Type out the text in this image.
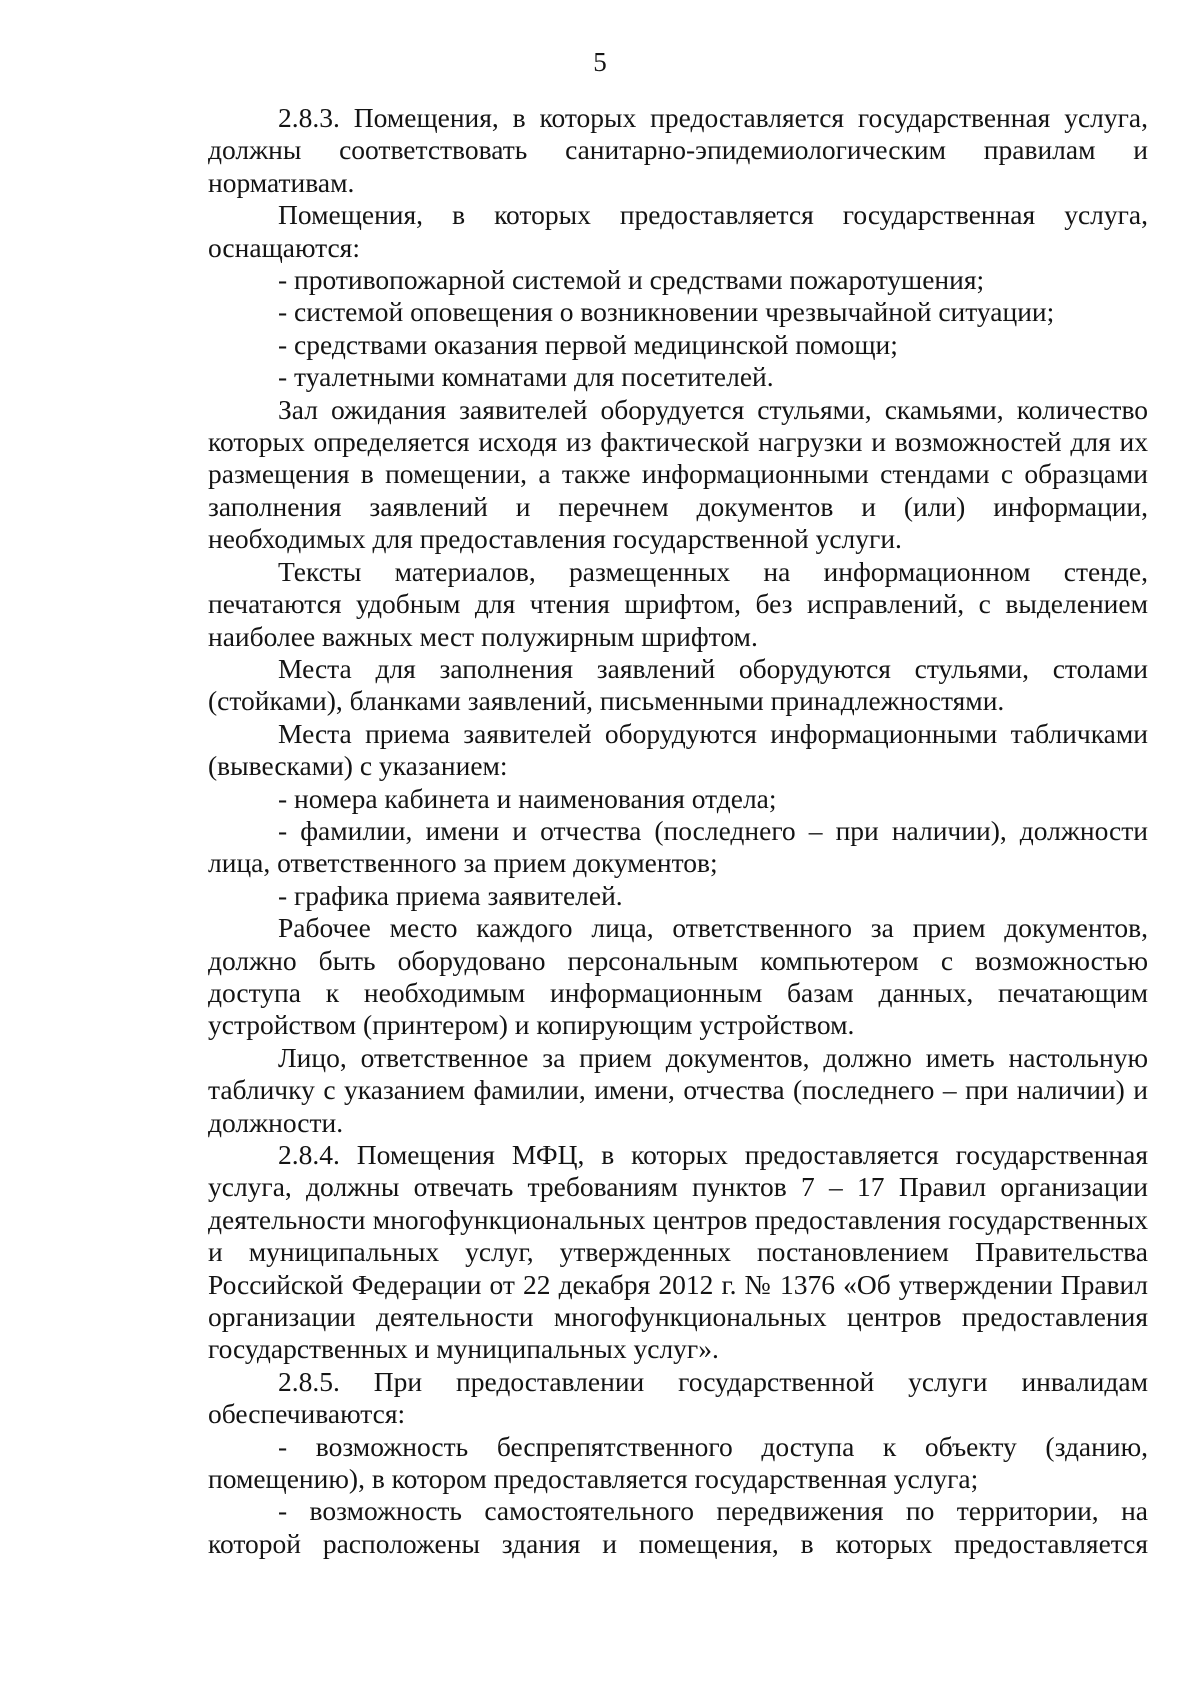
5

2.8.3. Помещения, в которых предоставляется государственная услуга, должны соответствовать санитарно-эпидемиологическим правилам и нормативам.

Помещения, в которых предоставляется государственная услуга, оснащаются:

- противопожарной системой и средствами пожаротушения;

- системой оповещения о возникновении чрезвычайной ситуации;

- средствами оказания первой медицинской помощи;

- туалетными комнатами для посетителей.

Зал ожидания заявителей оборудуется стульями, скамьями, количество которых определяется исходя из фактической нагрузки и возможностей для их размещения в помещении, а также информационными стендами с образцами заполнения заявлений и перечнем документов и (или) информации, необходимых для предоставления государственной услуги.

Тексты материалов, размещенных на информационном стенде, печатаются удобным для чтения шрифтом, без исправлений, с выделением наиболее важных мест полужирным шрифтом.

Места для заполнения заявлений оборудуются стульями, столами (стойками), бланками заявлений, письменными принадлежностями.

Места приема заявителей оборудуются информационными табличками (вывесками) с указанием:

- номера кабинета и наименования отдела;

- фамилии, имени и отчества (последнего – при наличии), должности лица, ответственного за прием документов;

- графика приема заявителей.

Рабочее место каждого лица, ответственного за прием документов, должно быть оборудовано персональным компьютером с возможностью доступа к необходимым информационным базам данных, печатающим устройством (принтером) и копирующим устройством.

Лицо, ответственное за прием документов, должно иметь настольную табличку с указанием фамилии, имени, отчества (последнего – при наличии) и должности.

2.8.4. Помещения МФЦ, в которых предоставляется государственная услуга, должны отвечать требованиям пунктов 7 – 17 Правил организации деятельности многофункциональных центров предоставления государственных и муниципальных услуг, утвержденных постановлением Правительства Российской Федерации от 22 декабря 2012 г. № 1376 «Об утверждении Правил организации деятельности многофункциональных центров предоставления государственных и муниципальных услуг».

2.8.5. При предоставлении государственной услуги инвалидам обеспечиваются:

- возможность беспрепятственного доступа к объекту (зданию, помещению), в котором предоставляется государственная услуга;

- возможность самостоятельного передвижения по территории, на которой расположены здания и помещения, в которых предоставляется
